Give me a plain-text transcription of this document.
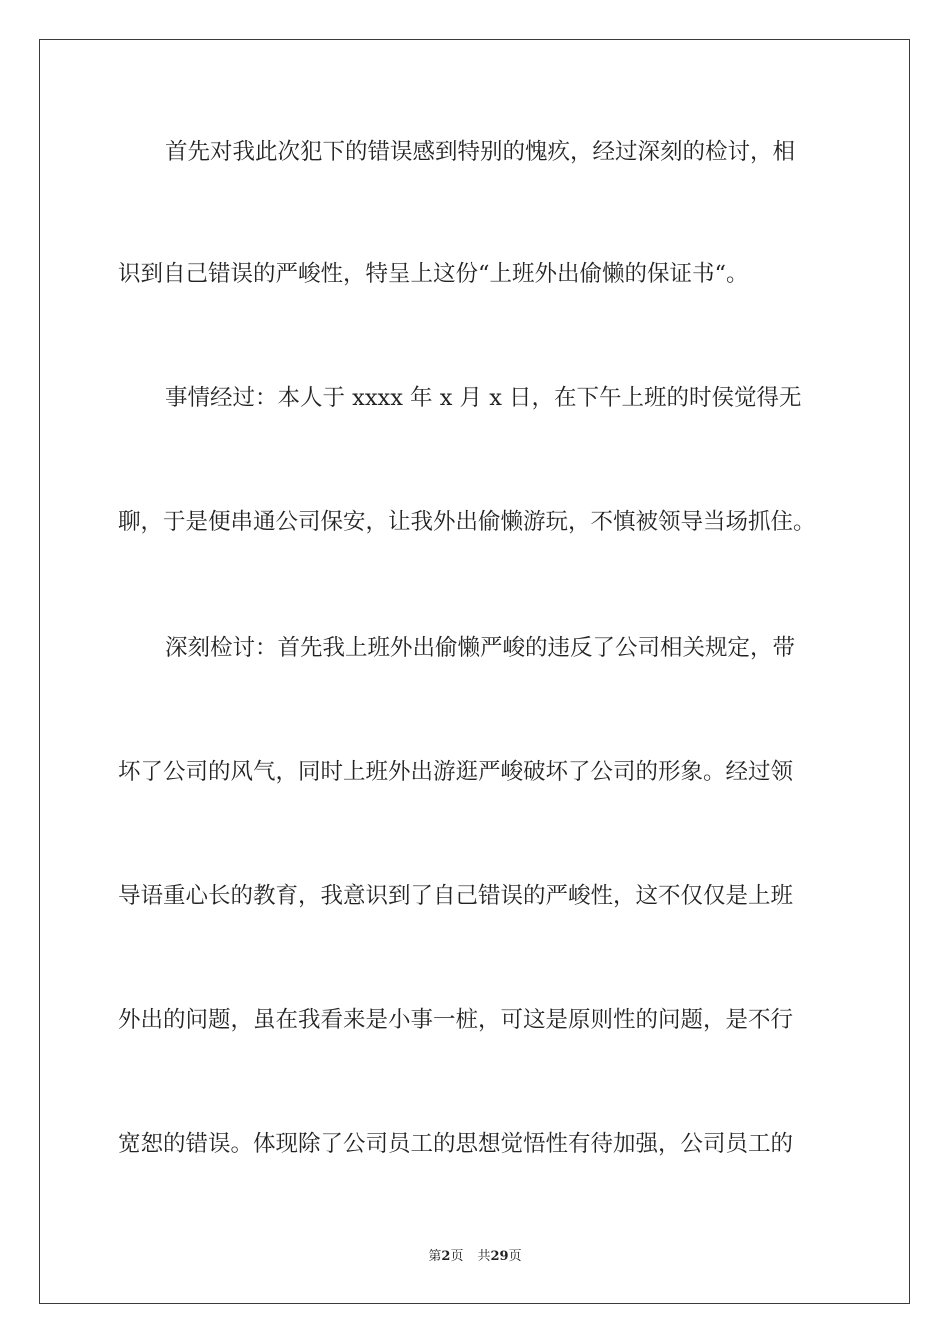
首先对我此次犯下的错误感到特别的愧疚，经过深刻的检讨，相
识到自己错误的严峻性，特呈上这份“上班外出偷懒的保证书“。
事情经过：本人于 xxxx 年 x 月 x 日，在下午上班的时侯觉得无
聊，于是便串通公司保安，让我外出偷懒游玩，不慎被领导当场抓住。
深刻检讨：首先我上班外出偷懒严峻的违反了公司相关规定，带
坏了公司的风气，同时上班外出游逛严峻破坏了公司的形象。经过领
导语重心长的教育，我意识到了自己错误的严峻性，这不仅仅是上班
外出的问题，虽在我看来是小事一桩，可这是原则性的问题，是不行
宽恕的错误。体现除了公司员工的思想觉悟性有待加强，公司员工的
第2页 共29页
